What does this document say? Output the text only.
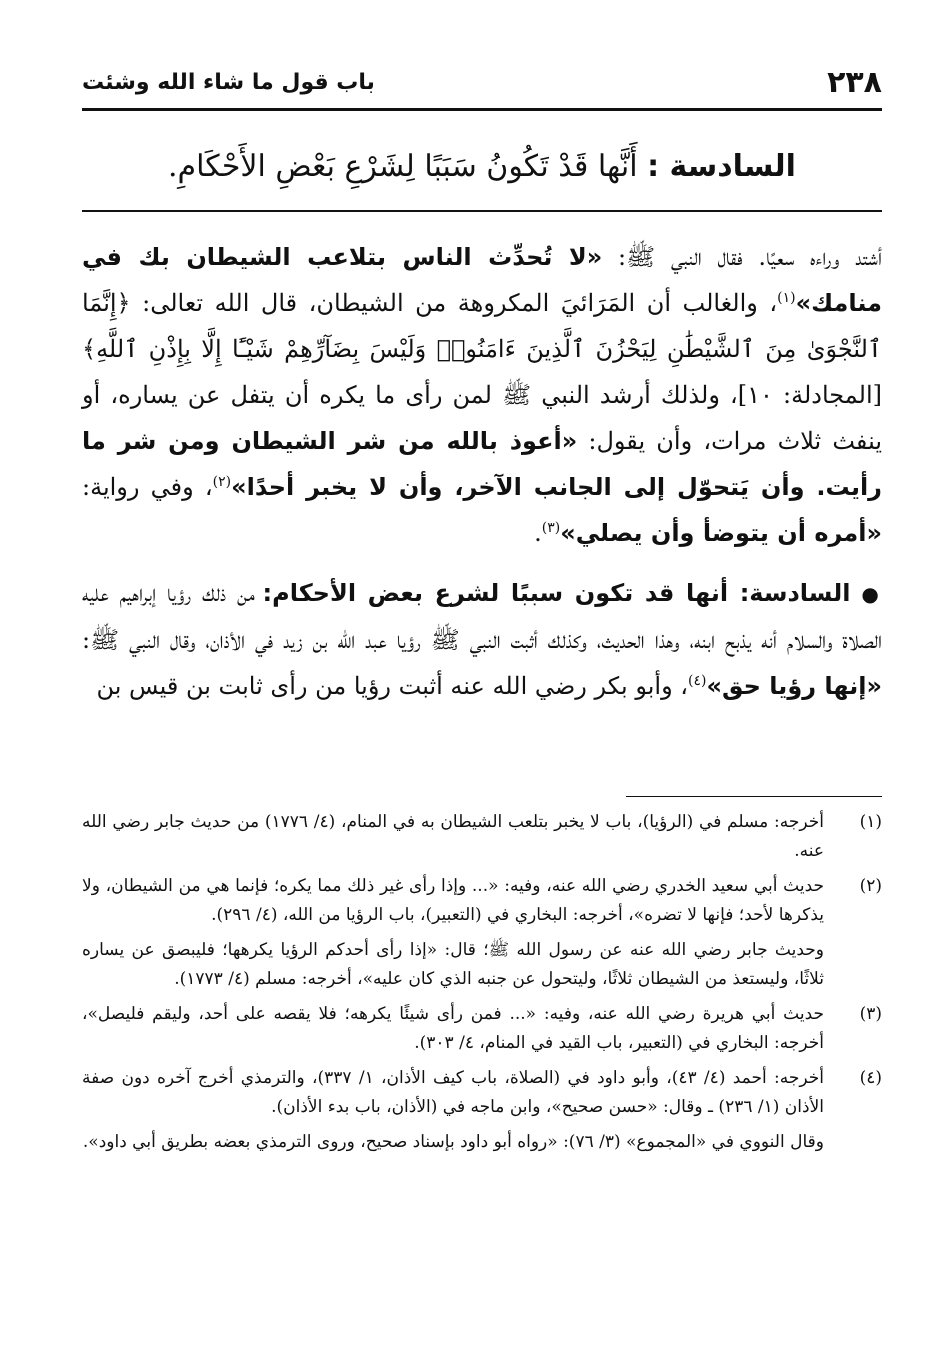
٢٣٨
باب قول ما شاء الله وشئت
السادسة : أَنَّها قَدْ تَكُونُ سَبَبًا لِشَرْعِ بَعْضِ الأَحْكَامِ.

أشتد وراءه سعيًا. فقال النبي ﷺ: «لا تُحدِّث الناس بتلاعب الشيطان بك في منامك»$^{(١)}$، والغالب أن المَرَائيَ المكروهة من الشيطان، قال الله تعالى: ﴿إِنَّمَا ٱلنَّجْوَىٰ مِنَ ٱلشَّيْطَٰنِ لِيَحْزُنَ ٱلَّذِينَ ءَامَنُوا۟ وَلَيْسَ بِضَآرِّهِمْ شَيْـًٔا إِلَّا بِإِذْنِ ٱللَّهِ﴾ [المجادلة: ١٠]، ولذلك أرشد النبي ﷺ لمن رأى ما يكره أن يتفل عن يساره، أو ينفث ثلاث مرات، وأن يقول: «أعوذ بالله من شر الشيطان ومن شر ما رأيت. وأن يَتحوّل إلى الجانب الآخر، وأن لا يخبر أحدًا»$^{(٢)}$، وفي رواية: «أمره أن يتوضأ وأن يصلي»$^{(٣)}$.

● السادسة: أنها قد تكون سببًا لشرع بعض الأحكام: من ذلك رؤيا إبراهيم عليه الصلاة والسلام أنه يذبح ابنه، وهذا الحديث، وكذلك أثبت النبي ﷺ رؤيا عبد الله بن زيد في الأذان، وقال النبي ﷺ: «إنها رؤيا حق»$^{(٤)}$، وأبو بكر رضي الله عنه أثبت رؤيا من رأى ثابت بن قيس بن

(١)
أخرجه: مسلم في (الرؤيا)، باب لا يخبر بتلعب الشيطان به في المنام، (٤/ ١٧٧٦) من حديث جابر رضي الله عنه.
(٢)
حديث أبي سعيد الخدري رضي الله عنه، وفيه: «... وإذا رأى غير ذلك مما يكره؛ فإنما هي من الشيطان، ولا يذكرها لأحد؛ فإنها لا تضره»، أخرجه: البخاري في (التعبير)، باب الرؤيا من الله، (٤/ ٢٩٦).
وحديث جابر رضي الله عنه عن رسول الله ﷺ؛ قال: «إذا رأى أحدكم الرؤيا يكرهها؛ فليبصق عن يساره ثلاثًا، وليستعذ من الشيطان ثلاثًا، وليتحول عن جنبه الذي كان عليه»، أخرجه: مسلم (٤/ ١٧٧٣).
(٣)
حديث أبي هريرة رضي الله عنه، وفيه: «... فمن رأى شيئًا يكرهه؛ فلا يقصه على أحد، وليقم فليصل»، أخرجه: البخاري في (التعبير، باب القيد في المنام، ٤/ ٣٠٣).
(٤)
أخرجه: أحمد (٤/ ٤٣)، وأبو داود في (الصلاة، باب كيف الأذان، ١/ ٣٣٧)، والترمذي أخرج آخره دون صفة الأذان (١/ ٢٣٦) ـ وقال: «حسن صحيح»، وابن ماجه في (الأذان، باب بدء الأذان).
وقال النووي في «المجموع» (٣/ ٧٦): «رواه أبو داود بإسناد صحيح، وروى الترمذي بعضه بطريق أبي داود».
